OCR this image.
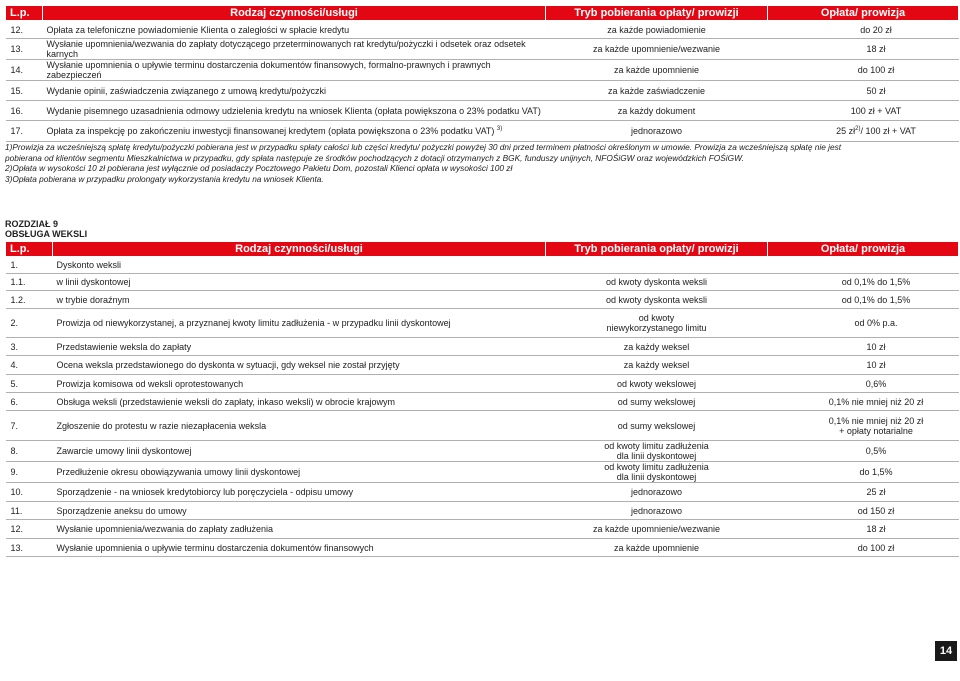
L.p.	Rodzaj czynności/usługi	Tryb pobierania opłaty/ prowizji	Opłata/ prowizja
12.	Opłata za telefoniczne powiadomienie Klienta o zaległości w spłacie kredytu	za każde powiadomienie	do 20 zł
13.	Wysłanie upomnienia/wezwania do zapłaty dotyczącego przeterminowanych rat kredytu/pożyczki i odsetek oraz odsetek karnych	za każde upomnienie/wezwanie	18 zł
14.	Wysłanie upomnienia o upływie terminu dostarczenia dokumentów finansowych, formalno-prawnych i prawnych zabezpieczeń	za każde upomnienie	do 100 zł
15.	Wydanie opinii, zaświadczenia związanego z umową kredytu/pożyczki	za każde zaświadczenie	50 zł
16.	Wydanie pisemnego uzasadnienia odmowy udzielenia kredytu na wniosek Klienta (opłata powiększona o 23% podatku VAT)	za każdy dokument	100 zł + VAT
17.	Opłata za inspekcję po zakończeniu inwestycji finansowanej kredytem (opłata powiększona o 23% podatku VAT) $^{3)}$	jednorazowo	25 $zł^{2)}/$ 100 zł + VAT
1)Prowizja za wcześniejszą spłatę kredytu/pożyczki pobierana jest w przypadku spłaty całości lub części kredytu/ pożyczki powyżej 30 dni przed terminem płatności określonym w umowie. Prowizja za wcześniejszą spłatę nie jest
pobierana od klientów segmentu Mieszkalnictwa w przypadku, gdy spłata następuje ze środków pochodzących z dotacji otrzymanych z BGK, funduszy unijnych, NFOŚiGW oraz wojewódzkich FOŚiGW.
2)Opłata w wysokości 10 zł pobierana jest wyłącznie od posiadaczy Pocztowego Pakietu Dom, pozostali Klienci opłata w wysokości 100 zł
3)Opłata pobierana w przypadku prolongaty wykorzystania kredytu na wniosek Klienta.
ROZDZIAŁ 9
OBSŁUGA WEKSLI
L.p.	Rodzaj czynności/usługi	Tryb pobierania opłaty/ prowizji	Opłata/ prowizja
1.	Dyskonto weksli		
1.1.	w linii dyskontowej	od kwoty dyskonta weksli	od 0,1% do 1,5%
1.2.	w trybie doraźnym	od kwoty dyskonta weksli	od 0,1% do 1,5%
2.	Prowizja od niewykorzystanej, a przyznanej kwoty limitu zadłużenia - w przypadku linii dyskontowej	od kwoty
niewykorzystanego limitu	od 0% p.a.
3.	Przedstawienie weksla do zapłaty	za każdy weksel	10 zł
4.	Ocena weksla przedstawionego do dyskonta w sytuacji, gdy weksel nie został przyjęty	za każdy weksel	10 zł
5.	Prowizja komisowa od weksli oprotestowanych	od kwoty wekslowej	0,6%
6.	Obsługa weksli (przedstawienie weksli do zapłaty, inkaso weksli) w obrocie krajowym	od sumy wekslowej	0,1% nie mniej niż 20 zł
7.	Zgłoszenie do protestu w razie niezapłacenia weksla	od sumy wekslowej	0,1% nie mniej niż 20 zł
+ opłaty notarialne
8.	Zawarcie umowy linii dyskontowej	od kwoty limitu zadłużenia
dla linii dyskontowej	0,5%
9.	Przedłużenie okresu obowiązywania umowy linii dyskontowej	od kwoty limitu zadłużenia
dla linii dyskontowej	do 1,5%
10.	Sporządzenie - na wniosek kredytobiorcy lub poręczyciela - odpisu umowy	jednorazowo	25 zł
11.	Sporządzenie aneksu do umowy	jednorazowo	od 150 zł
12.	Wysłanie upomnienia/wezwania do zapłaty zadłużenia	za każde upomnienie/wezwanie	18 zł
13.	Wysłanie upomnienia o upływie terminu dostarczenia dokumentów finansowych	za każde upomnienie	do 100 zł
14
